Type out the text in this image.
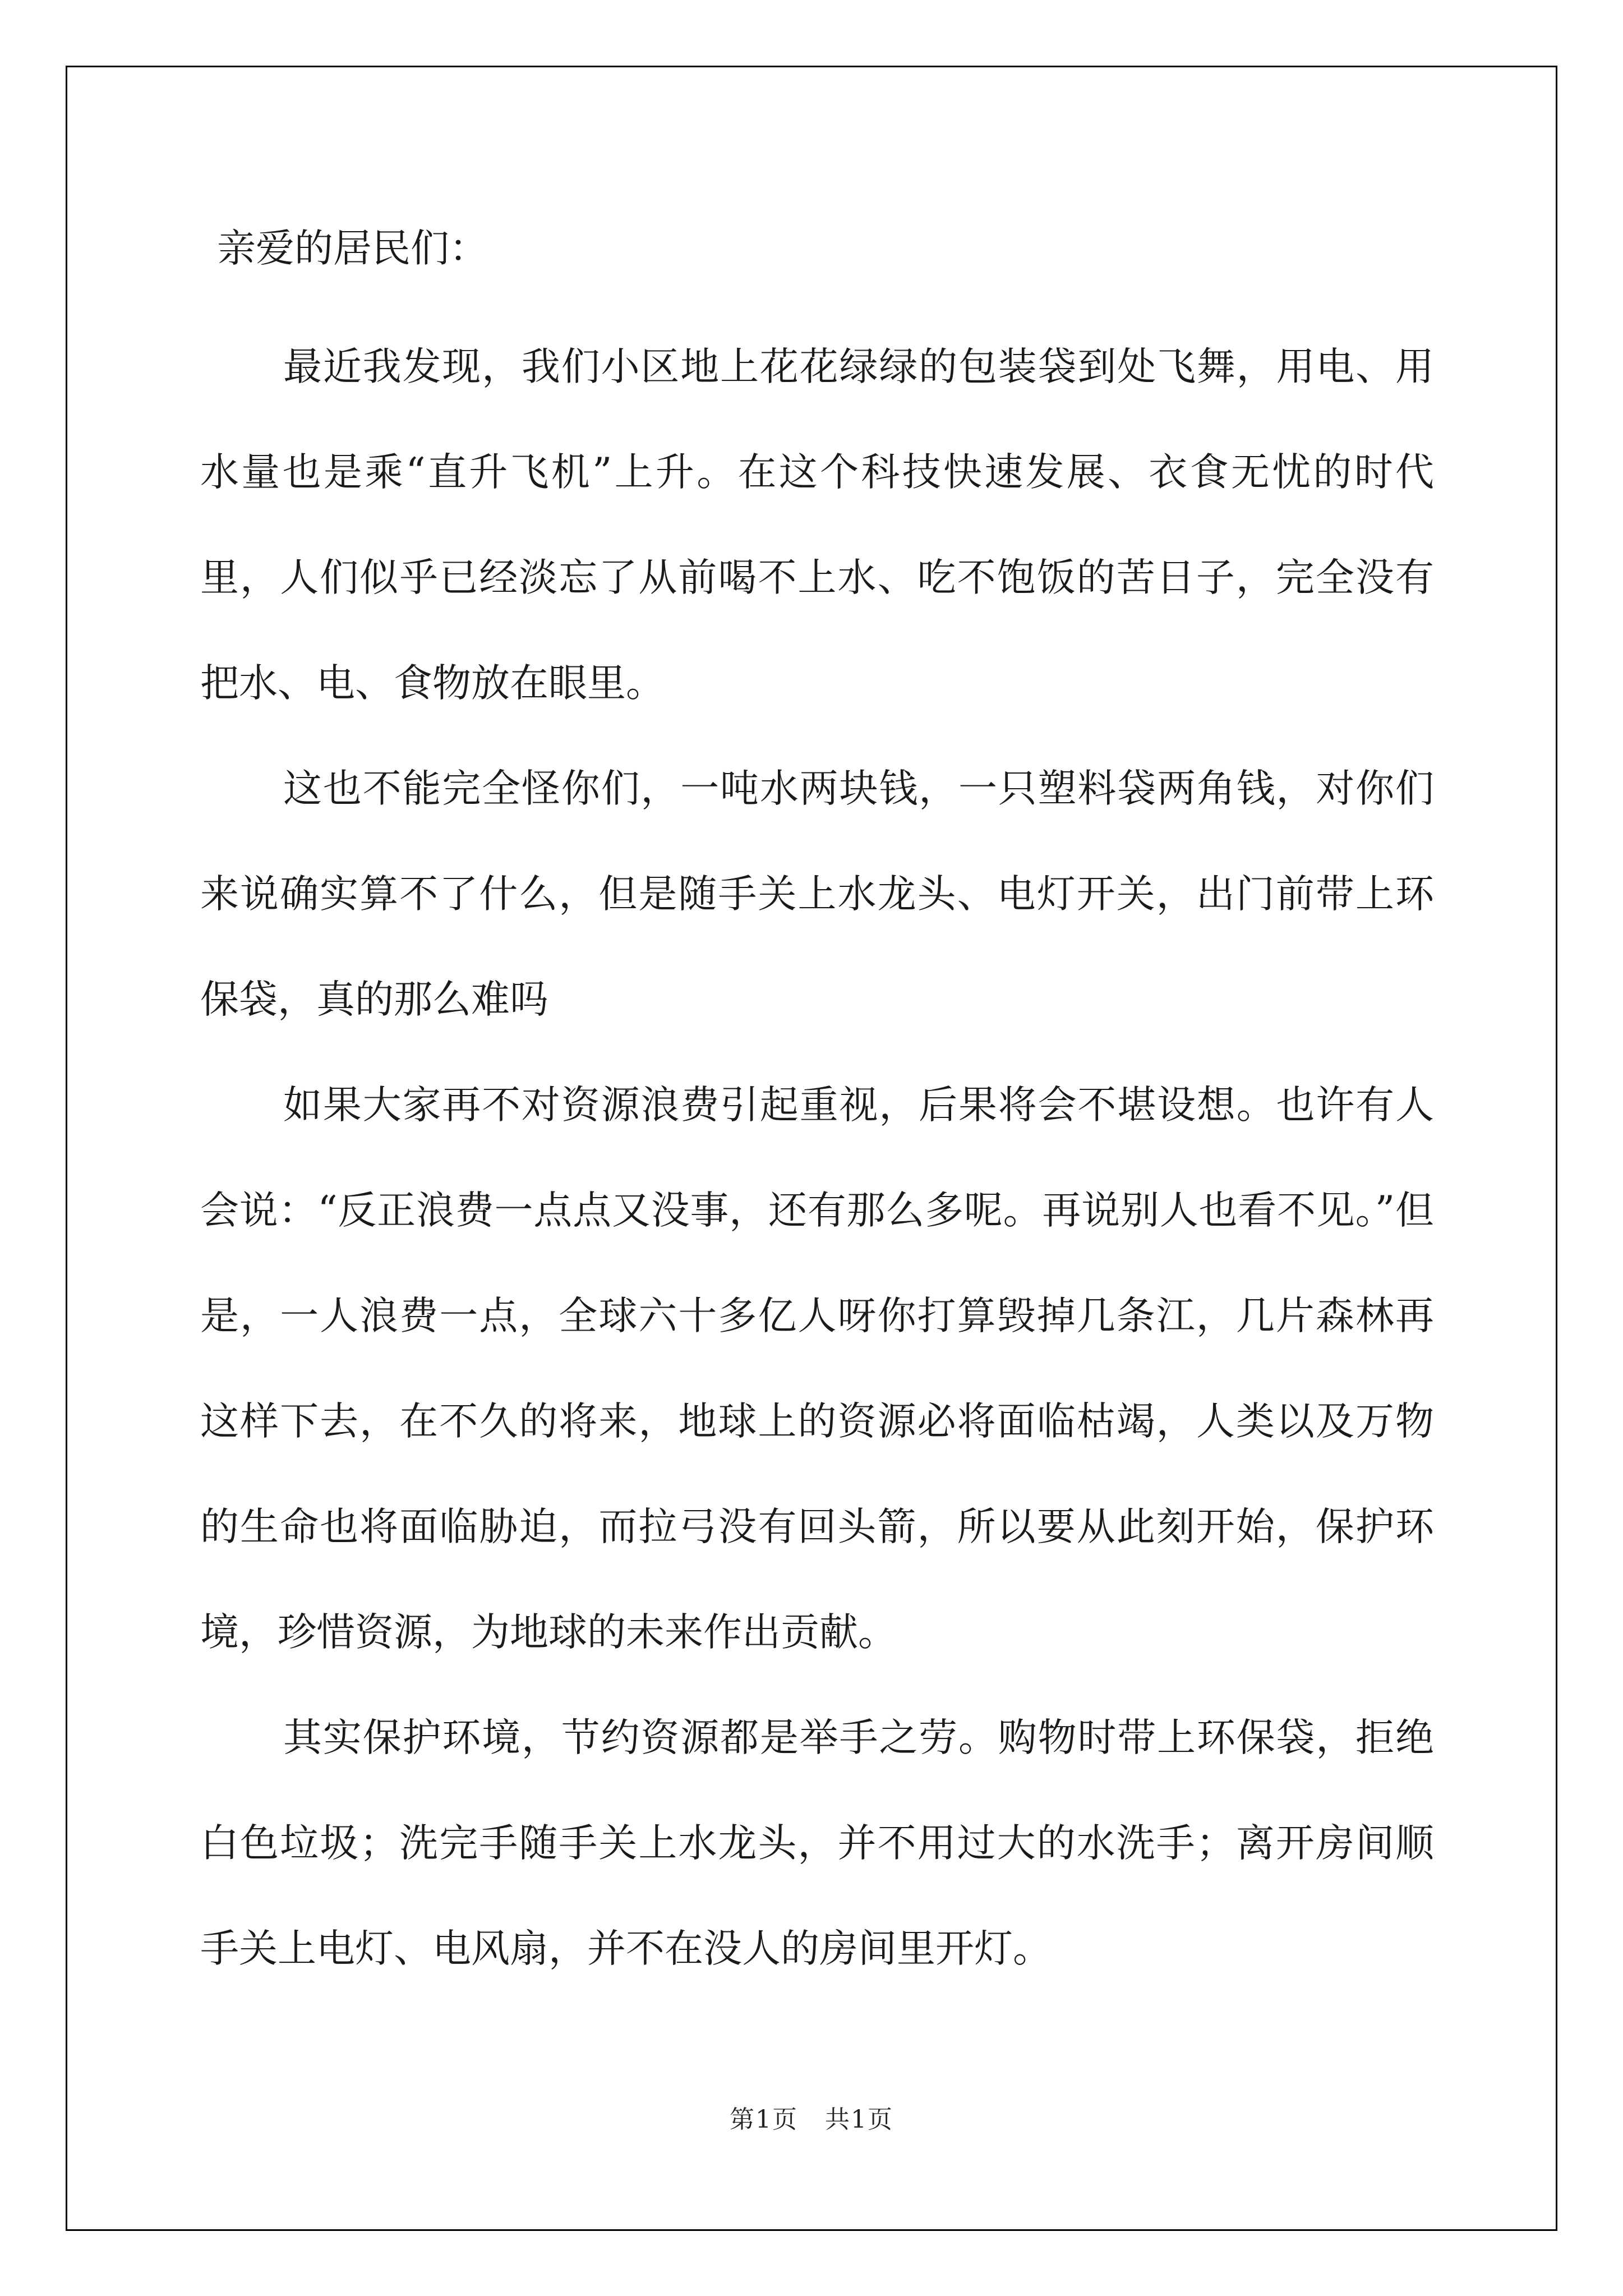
亲爱的居民们：

最近我发现，我们小区地上花花绿绿的包装袋到处飞舞，用电、用水量也是乘“直升飞机”上升。在这个科技快速发展、衣食无忧的时代里，人们似乎已经淡忘了从前喝不上水、吃不饱饭的苦日子，完全没有把水、电、食物放在眼里。

这也不能完全怪你们，一吨水两块钱，一只塑料袋两角钱，对你们来说确实算不了什么，但是随手关上水龙头、电灯开关，出门前带上环保袋，真的那么难吗

如果大家再不对资源浪费引起重视，后果将会不堪设想。也许有人会说：“反正浪费一点点又没事，还有那么多呢。再说别人也看不见。”但是，一人浪费一点，全球六十多亿人呀你打算毁掉几条江，几片森林再这样下去，在不久的将来，地球上的资源必将面临枯竭，人类以及万物的生命也将面临胁迫，而拉弓没有回头箭，所以要从此刻开始，保护环境，珍惜资源，为地球的未来作出贡献。

其实保护环境，节约资源都是举手之劳。购物时带上环保袋，拒绝白色垃圾；洗完手随手关上水龙头，并不用过大的水洗手；离开房间顺手关上电灯、电风扇，并不在没人的房间里开灯。

第1页 共1页
